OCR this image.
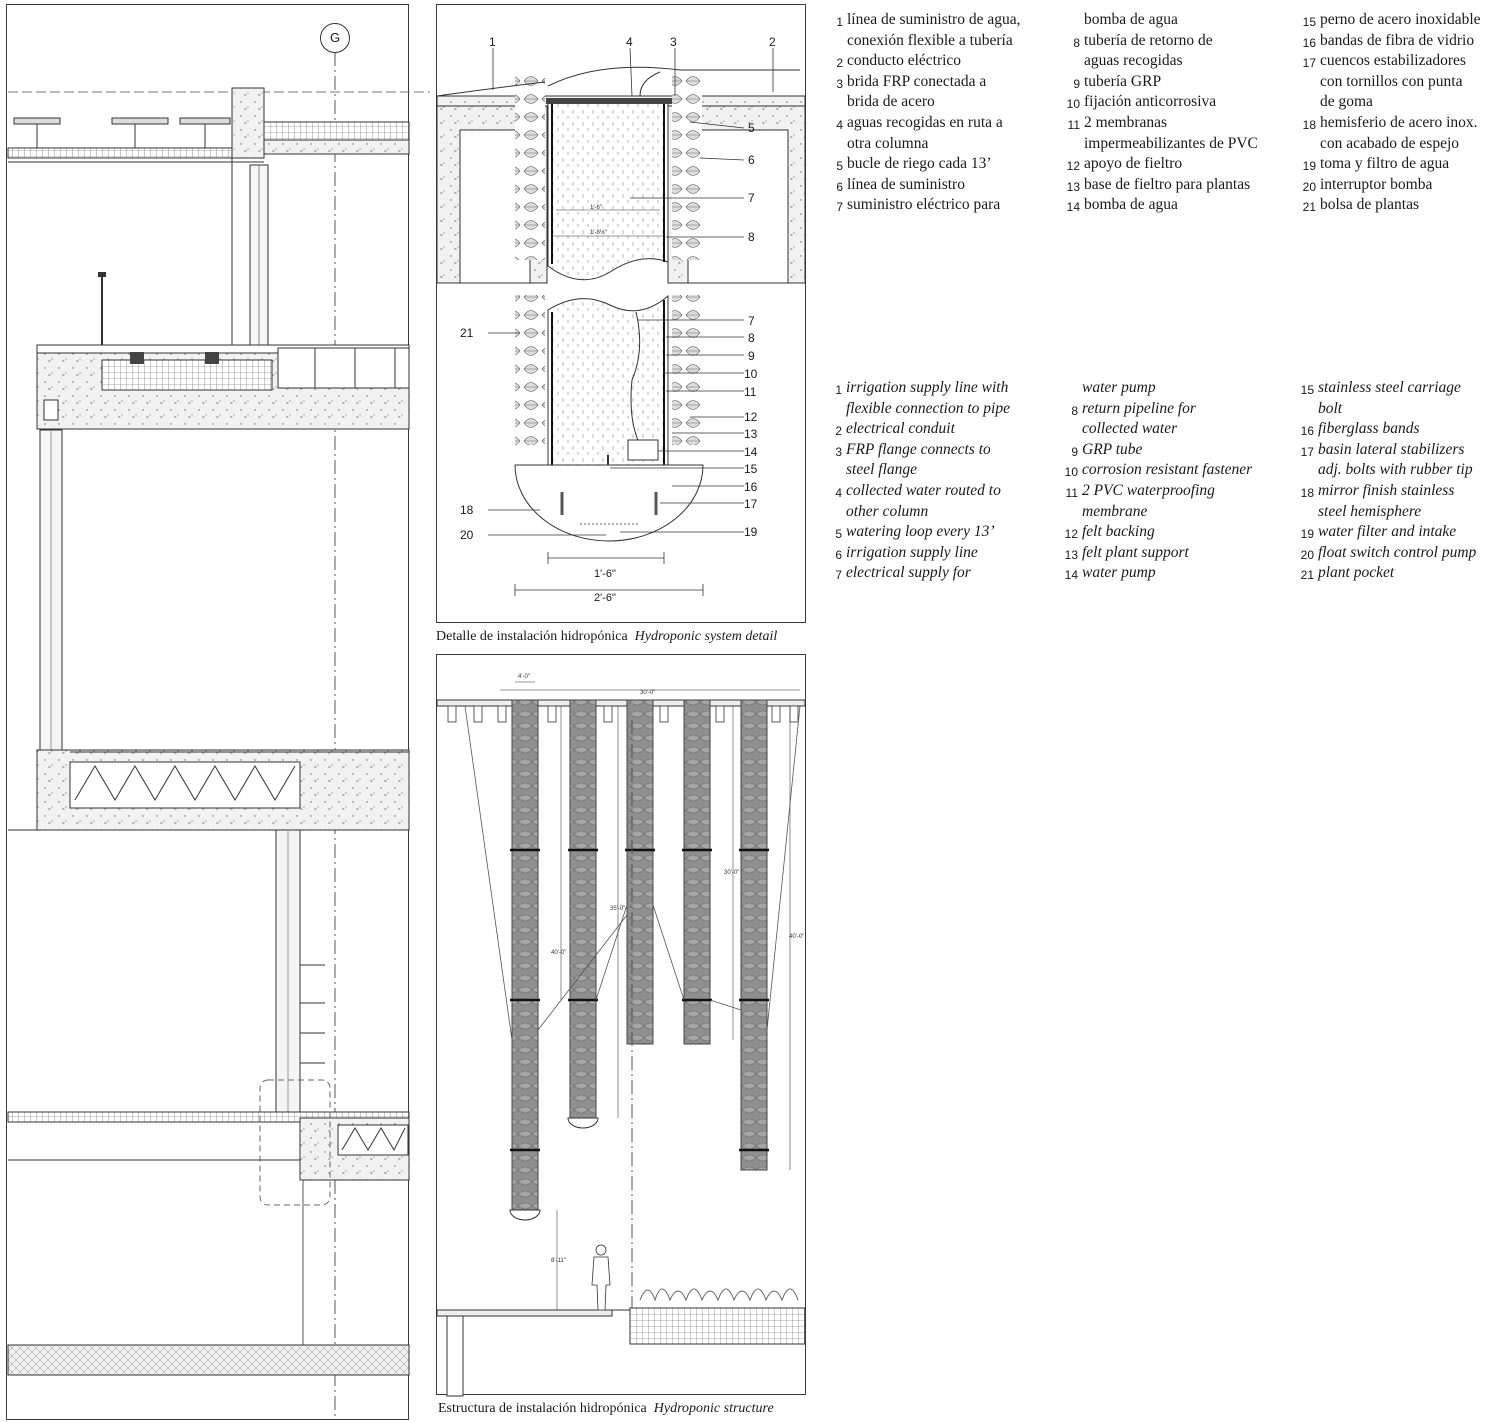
G	1	4	3	2
5
6
7
8
7
8
9
10
11
12
13
14
15
16
17
19
21
18
20
1'-6"
2'-6"
1'-6"
1'-8½"
Detalle de instalación hidropónica Hydroponic system detail
4'-0"
30'-0"
30'-0"
35'-0"
40'-0"
40'-0"
8'-11"
Estructura de instalación hidropónica Hydroponic structure
1 línea de suministro de agua,
conexión flexible a tubería
2 conducto eléctrico
3 brida FRP conectada a
brida de acero
4 aguas recogidas en ruta a
otra columna
5 bucle de riego cada 13’
6 línea de suministro
7 suministro eléctrico para
bomba de agua
8 tubería de retorno de
aguas recogidas
9 tubería GRP
10 fijación anticorrosiva
11 2 membranas
impermeabilizantes de PVC
12 apoyo de fieltro
13 base de fieltro para plantas
14 bomba de agua
15 perno de acero inoxidable
16 bandas de fibra de vidrio
17 cuencos estabilizadores
con tornillos con punta
de goma
18 hemisferio de acero inox.
con acabado de espejo
19 toma y filtro de agua
20 interruptor bomba
21 bolsa de plantas
1 irrigation supply line with
flexible connection to pipe
2 electrical conduit
3 FRP flange connects to
steel flange
4 collected water routed to
other column
5 watering loop every 13’
6 irrigation supply line
7 electrical supply for
water pump
8 return pipeline for
collected water
9 GRP tube
10 corrosion resistant fastener
11 2 PVC waterproofing
membrane
12 felt backing
13 felt plant support
14 water pump
15 stainless steel carriage
bolt
16 fiberglass bands
17 basin lateral stabilizers
adj. bolts with rubber tip
18 mirror finish stainless
steel hemisphere
19 water filter and intake
20 float switch control pump
21 plant pocket
